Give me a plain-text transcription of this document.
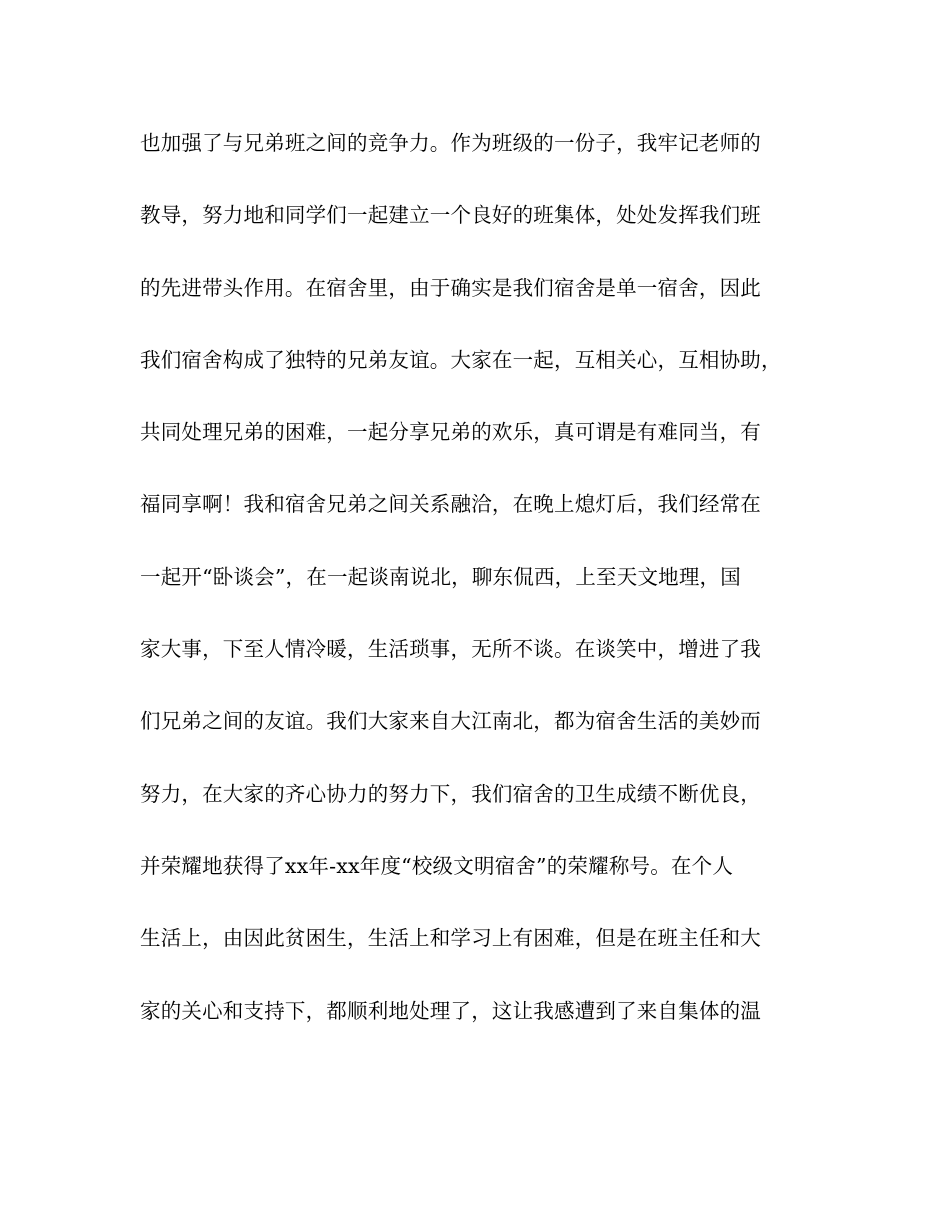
也加强了与兄弟班之间的竞争力。作为班级的一份子，我牢记老师的
教导，努力地和同学们一起建立一个良好的班集体，处处发挥我们班
的先进带头作用。在宿舍里，由于确实是我们宿舍是单一宿舍，因此
我们宿舍构成了独特的兄弟友谊。大家在一起，互相关心，互相协助，
共同处理兄弟的困难，一起分享兄弟的欢乐，真可谓是有难同当，有
福同享啊！我和宿舍兄弟之间关系融洽，在晚上熄灯后，我们经常在
一起开“卧谈会”，在一起谈南说北，聊东侃西，上至天文地理，国
家大事，下至人情冷暖，生活琐事，无所不谈。在谈笑中，增进了我
们兄弟之间的友谊。我们大家来自大江南北，都为宿舍生活的美妙而
努力，在大家的齐心协力的努力下，我们宿舍的卫生成绩不断优良，
并荣耀地获得了xx年-xx年度“校级文明宿舍”的荣耀称号。在个人
生活上，由因此贫困生，生活上和学习上有困难，但是在班主任和大
家的关心和支持下，都顺利地处理了，这让我感遭到了来自集体的温
